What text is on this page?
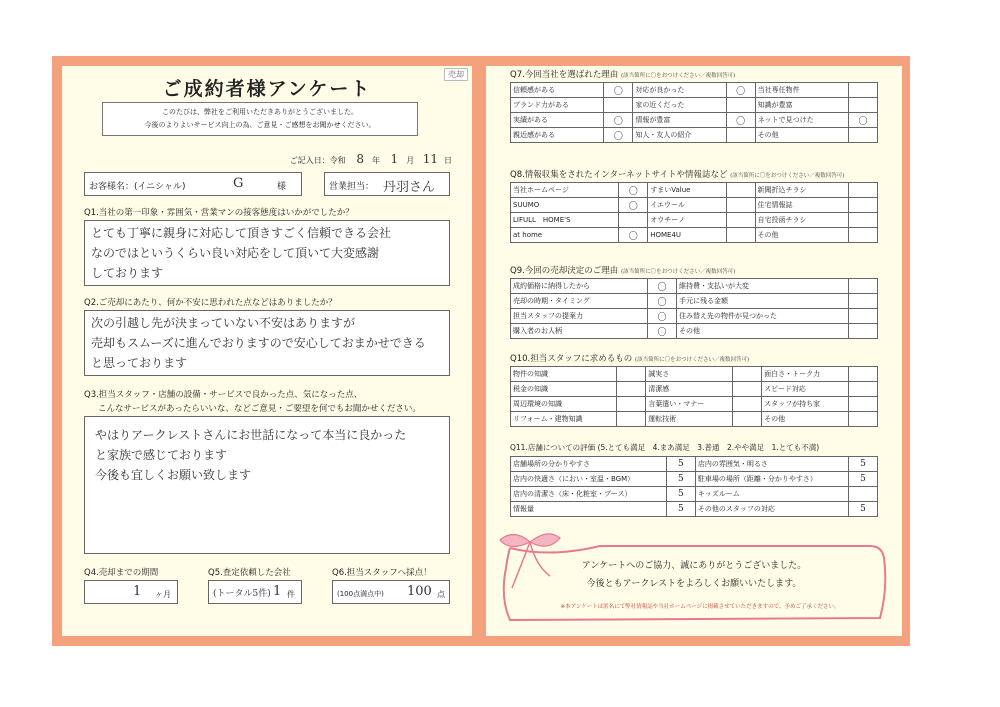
ご成約者様アンケート
売却
このたびは、弊社をご利用いただきありがとうございました。
今後のよりよいサービス向上の為、ご意見・ご感想をお聞かせください。
ご記入日：令和 8 年 1 月 11 日
お客様名：(イニシャル)	G	様	営業担当： 丹羽さん
Q1.当社の第一印象・雰囲気・営業マンの接客態度はいかがでしたか？
とても丁寧に親身に対応して頂きすごく信頼できる会社
なのではというくらい良い対応をして頂いて大変感謝
しております
Q2.ご売却にあたり、何か不安に思われた点などはありましたか？
次の引越し先が決まっていない不安はありますが
売却もスムーズに進んでおりますので安心しておまかせできる
と思っております
Q3.担当スタッフ・店舗の設備・サービスで良かった点、気になった点、
こんなサービスがあったらいいな、などご意見・ご要望を何でもお聞かせください。
やはりアークレストさんにお世話になって本当に良かった
と家族で感じております
今後も宜しくお願い致します
Q4.売却までの期間
1 ヶ月
Q5.査定依頼した会社
(トータル5件) 1 件
Q6.担当スタッフへ採点！
(100点満点中) 100 点
Q7.今回当社を選ばれた理由 (該当箇所に〇をおつけください／複数回答可)
信頼感がある	〇	対応が良かった	〇	当社専任物件	
ブランド力がある		家の近くだった		知識が豊富	
実績がある	〇	情報が豊富	〇	ネットで見つけた	〇
親近感がある	〇	知人・友人の紹介		その他	
Q8.情報収集をされたインターネットサイトや情報誌など (該当箇所に〇をおつけください／複数回答可)
当社ホームページ	〇	すまいValue		新聞折込チラシ	
SUUMO	〇	イエウール		住宅情報誌	
LIFULL　HOME'S		オウチーノ		自宅投函チラシ	
at home	〇	HOME4U		その他	
Q9.今回の売却決定のご理由 (該当箇所に〇をおつけください／複数回答可)
成約価格に納得したから	〇	維持費・支払いが大変	
売却の時期・タイミング	〇	手元に残る金額	
担当スタッフの提案力	〇	住み替え先の物件が見つかった	
購入者のお人柄	〇	その他	
Q10.担当スタッフに求めるもの (該当箇所に〇をおつけください／複数回答可)
物件の知識		誠実さ		面白さ・トーク力	
税金の知識		清潔感		スピード対応	
周辺環境の知識		言葉遣い・マナー		スタッフが持ち家	
リフォーム・建物知識		運転技術		その他	
Q11.店舗についての評価 (5.とても満足　4.まあ満足　3.普通　2.やや満足　1.とても不満)
店舗場所の分かりやすさ	5	店内の雰囲気・明るさ	5
店内の快適さ（におい・室温・BGM）	5	駐車場の場所（距離・分かりやすさ）	5
店内の清潔さ（床・化粧室・ブース）	5	キッズルーム	
情報量	5	その他のスタッフの対応	5
アンケートへのご協力、誠にありがとうございました。
今後ともアークレストをよろしくお願いいたします。
※本アンケートは匿名にて弊社情報誌や当社ホームページに掲載させていただきますので、予めご了承ください。
